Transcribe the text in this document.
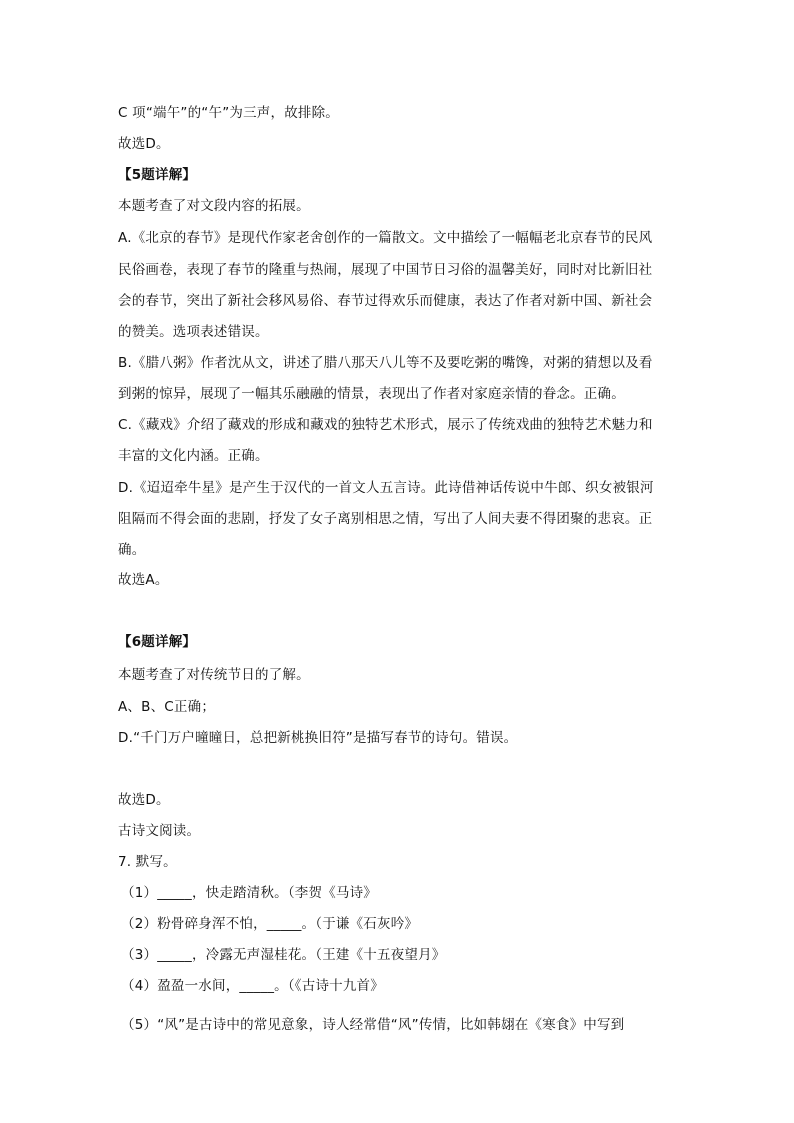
C 项“端午”的“午”为三声，故排除。
故选D。
【5题详解】
本题考查了对文段内容的拓展。
A.《北京的春节》是现代作家老舍创作的一篇散文。文中描绘了一幅幅老北京春节的民风
民俗画卷，表现了春节的隆重与热闹，展现了中国节日习俗的温馨美好，同时对比新旧社
会的春节，突出了新社会移风易俗、春节过得欢乐而健康，表达了作者对新中国、新社会
的赞美。选项表述错误。
B.《腊八粥》作者沈从文，讲述了腊八那天八儿等不及要吃粥的嘴馋，对粥的猜想以及看
到粥的惊异，展现了一幅其乐融融的情景，表现出了作者对家庭亲情的眷念。正确。
C.《藏戏》介绍了藏戏的形成和藏戏的独特艺术形式，展示了传统戏曲的独特艺术魅力和
丰富的文化内涵。正确。
D.《迢迢牵牛星》是产生于汉代的一首文人五言诗。此诗借神话传说中牛郎、织女被银河
阻隔而不得会面的悲剧，抒发了女子离别相思之情，写出了人间夫妻不得团聚的悲哀。正
确。
故选A。
【6题详解】
本题考查了对传统节日的了解。
A、B、C正确；
D.“千门万户曈曈日，总把新桃换旧符”是描写春节的诗句。错误。
故选D。
古诗文阅读。
7. 默写。
（1）_____，快走踏清秋。（李贺《马诗》
（2）粉骨碎身浑不怕，_____。（于谦《石灰吟》
（3）_____，冷露无声湿桂花。（王建《十五夜望月》
（4）盈盈一水间，_____。（《古诗十九首》
（5）“风”是古诗中的常见意象，诗人经常借“风”传情，比如韩翃在《寒食》中写到
